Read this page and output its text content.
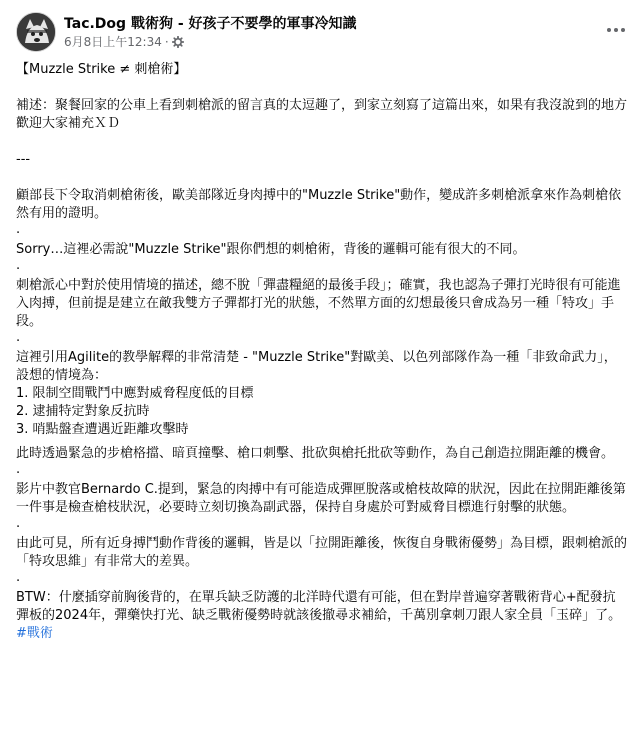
Tac.Dog 戰術狗 - 好孩子不要學的軍事冷知識
6月8日上午12:34 ·

【Muzzle Strike ≠ 刺槍術】

補述：聚餐回家的公車上看到刺槍派的留言真的太逗趣了，到家立刻寫了這篇出來，如果有我沒說到的地方歡迎大家補充ＸＤ

---

顧部長下令取消刺槍術後，歐美部隊近身肉搏中的"Muzzle Strike"動作，變成許多刺槍派拿來作為刺槍依然有用的證明。

.

Sorry…這裡必需說"Muzzle Strike"跟你們想的刺槍術，背後的邏輯可能有很大的不同。

.

刺槍派心中對於使用情境的描述，總不脫「彈盡糧絕的最後手段」；確實，我也認為子彈打光時很有可能進入肉搏，但前提是建立在敵我雙方子彈都打光的狀態，不然單方面的幻想最後只會成為另一種「特攻」手段。

.

這裡引用Agilite的教學解釋的非常清楚 - "Muzzle Strike"對歐美、以色列部隊作為一種「非致命武力」，設想的情境為：

1. 限制空間戰鬥中應對威脅程度低的目標

2. 逮捕特定對象反抗時

3. 哨點盤查遭遇近距離攻擊時

此時透過緊急的步槍格擋、暗頁撞擊、槍口刺擊、批砍與槍托批砍等動作，為自己創造拉開距離的機會。

.

影片中教官Bernardo C.提到，緊急的肉搏中有可能造成彈匣脫落或槍枝故障的狀況，因此在拉開距離後第一件事是檢查槍枝狀況，必要時立刻切換為副武器，保持自身處於可對威脅目標進行射擊的狀態。

.

由此可見，所有近身搏鬥動作背後的邏輯，皆是以「拉開距離後，恢復自身戰術優勢」為目標，跟刺槍派的「特攻思維」有非常大的差異。

.

BTW：什麼插穿前胸後背的，在單兵缺乏防護的北洋時代還有可能，但在對岸普遍穿著戰術背心+配發抗彈板的2024年，彈藥快打光、缺乏戰術優勢時就該後撤尋求補給，千萬別拿刺刀跟人家全員「玉碎」了。

#戰術
